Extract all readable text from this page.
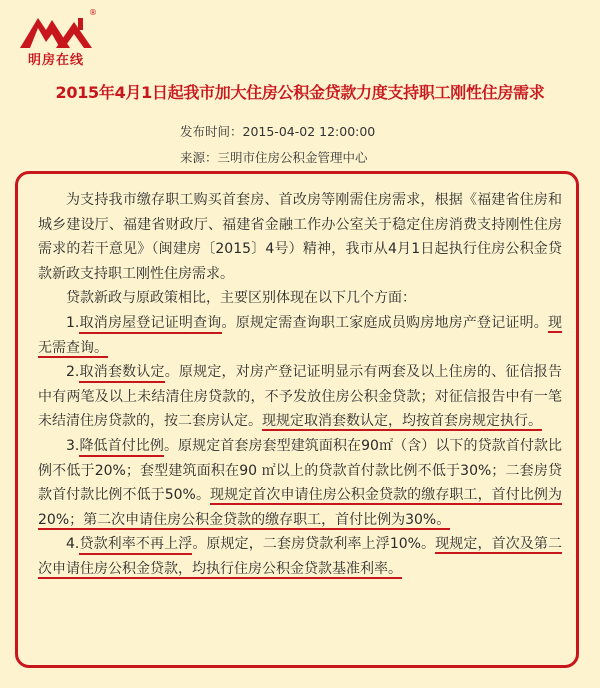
®
明房在线
2015年4月1日起我市加大住房公积金贷款力度支持职工刚性住房需求
发布时间：2015-04-02 12:00:00
来源：三明市住房公积金管理中心

为支持我市缴存职工购买首套房、首改房等刚需住房需求，根据《福建省住房和城乡建设厅、福建省财政厅、福建省金融工作办公室关于稳定住房消费支持刚性住房需求的若干意见》（闽建房〔2015〕4号）精神，我市从4月1日起执行住房公积金贷款新政支持职工刚性住房需求。

贷款新政与原政策相比，主要区别体现在以下几个方面：

1.取消房屋登记证明查询。原规定需查询职工家庭成员购房地房产登记证明。现无需查询。

2.取消套数认定。原规定，对房产登记证明显示有两套及以上住房的、征信报告中有两笔及以上未结清住房贷款的，不予发放住房公积金贷款；对征信报告中有一笔未结清住房贷款的，按二套房认定。现规定取消套数认定，均按首套房规定执行。

3.降低首付比例。原规定首套房套型建筑面积在90㎡（含）以下的贷款首付款比例不低于20%；套型建筑面积在90 ㎡以上的贷款首付款比例不低于30%；二套房贷款首付款比例不低于50%。现规定首次申请住房公积金贷款的缴存职工，首付比例为20%；第二次申请住房公积金贷款的缴存职工，首付比例为30%。

4.贷款利率不再上浮。原规定，二套房贷款利率上浮10%。现规定，首次及第二次申请住房公积金贷款，均执行住房公积金贷款基准利率。
